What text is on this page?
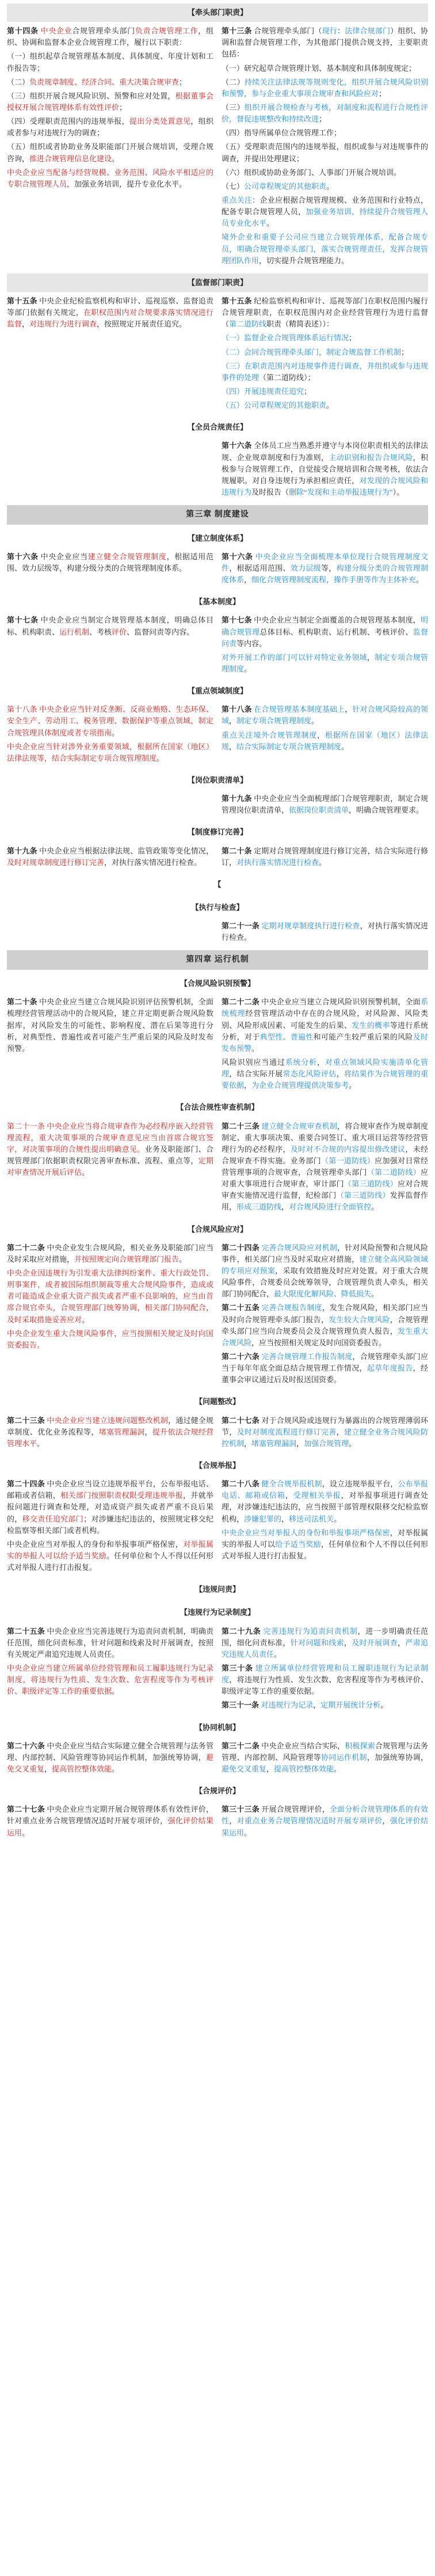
【牵头部门职责】

第十四条 中央企业合规管理牵头部门负责合规管理工作，组织、协调和监督本企业合规管理工作，履行以下职责：

（一）组织起草合规管理基本制度、具体制度、年度计划和工作报告等；

（二）负责规章制度、经济合同、重大决策合规审查；

（三）组织开展合规风险识别、预警和应对处置，根据董事会授权开展合规管理体系有效性评价；

（四）受理职责范围内的违规举报，提出分类处置意见，组织或者参与对违规行为的调查；

（五）组织或者协助业务及职能部门开展合规培训，受理合规咨询，推进合规管理信息化建设。

中央企业应当配备与经营规模、业务范围、风险水平相适应的专职合规管理人员，加强业务培训，提升专业化水平。

第十三条 合规管理牵头部门（现行：法律合规部门）组织、协调和监督合规管理工作，为其他部门提供合规支持，主要职责包括：

（一）研究起草合规管理计划、基本制度和具体制度规定；

（二）持续关注法律法规等规则变化，组织开展合规风险识别和预警，参与企业重大事项合规审查和风险应对；

（三）组织开展合规检查与考核，对制度和流程进行合规性评价，督促违规整改和持续改进；

（四）指导所属单位合规管理工作；

（五）受理职责范围内的违规举报，组织或参与对违规事件的调查，并提出处理建议；

（六）组织或协助业务部门、人事部门开展合规培训。

（七）公司章程规定的其他职责。

重点关注：企业应根据合规管理规模、业务范围和行业特点，配备专职合规管理人员，加强业务培训，持续提升合规管理人员专业化水平。

境外企业和重要子公司应当建立合规管理体系，配备合规专员，明确合规管理牵头部门，落实合规管理责任，发挥合规管理团队作用，切实提升合规管理能力。

【监督部门职责】

第十五条 中央企业纪检监察机构和审计、巡视巡察、监督追责等部门依据有关规定，在职权范围内对合规要求落实情况进行监督，对违规行为进行调查，按照规定开展责任追究。

第十五条 纪检监察机构和审计、巡视等部门在职权范围内履行合规管理职责，在职权范围内对企业经营管理行为进行监督（第二道防线职责（精简表述））：

（一）监督企业合规管理体系运行情况；

（二）会同合规管理牵头部门，制定合规监督工作机制；

（三）在职责范围内对违规事件进行调查，并组织或参与违规事件的处理（第二道防线）；

（四）开展违规责任追究；

（五）公司章程规定的其他职责。

【全员合规责任】

第十六条 全体员工应当熟悉并遵守与本岗位职责相关的法律法规、企业规章制度和行为准则，主动识别和报告合规风险，积极参与合规管理工作，自觉接受合规培训和合规考核，依法合规履职。对自身违规行为承担相应责任，对发现的合规风险和违规行为及时报告（删除“发现和主动举报违规行为”）。

第三章 制度建设
【建立制度体系】

第十六条 中央企业应当建立健全合规管理制度，根据适用范围、效力层级等，构建分级分类的合规管理制度体系。

第十六条 中央企业应当全面梳理本单位现行合规管理制度文件，根据适用范围、效力层级等，构建分级分类的合规管理制度体系，细化合规管理制度流程，操作手册等作为主体补充。

【基本制度】

第十七条 中央企业应当制定合规管理基本制度，明确总体目标、机构职责、运行机制、考核评价、监督问责等内容。

第十七条 中央企业应当制定全面覆盖的合规管理基本制度，明确合规管理总体目标、机构职责、运行机制、考核评价、监督问责等内容。

对外开展工作的部门可以针对特定业务领域，制定专项合规管理制度。

【重点领域制度】

第十八条 中央企业应当针对反垄断、反商业贿赂、生态环保、安全生产、劳动用工、税务管理、数据保护等重点领域，制定合规管理具体制度或者专项指南。

中央企业应当针对涉外业务重要领域，根据所在国家（地区）法律法规等，结合实际制定专项合规管理制度。

第十八条 在合规管理基本制度基础上，针对合规风险较高的领域，制定专项合规管理制度。

重点关注境外合规管理制度，根据所在国家（地区）法律法规，结合实际制定专项合规管理制度。

【岗位职责清单】

第十九条 中央企业应当全面梳理部门合规管理职责，制定合规管理岗位职责清单，依据岗位职责清单，明确合规管理要求。

【制度修订完善】

第十九条 中央企业应当根据法律法规、监管政策等变化情况，及时对规章制度进行修订完善，对执行落实情况进行检查。

第二十条 定期对合规管理制度进行修订完善，结合实际进行修订，对执行落实情况进行检查。

【
【执行与检查】

第二十一条 定期对规章制度执行进行检查，对执行落实情况进行检查。

第四章 运行机制
【合规风险识别预警】

第二十条 中央企业应当建立合规风险识别评估预警机制，全面梳理经营管理活动中的合规风险，建立并定期更新合规风险数据库，对风险发生的可能性、影响程度、潜在后果等进行分析，对典型性、普遍性或者可能产生严重后果的风险及时发布预警。

第二十二条 中央企业应当建立合规风险识别预警机制，全面系统梳理经营管理活动中存在的合规风险，对风险源、风险类别、风险形成因素、可能发生的后果、发生的概率等进行系统分析，对于典型性、普遍性和可能产生较严重后果的风险及时发布预警。

风险识别应当通过系统分析，对重点领域风险实施清单化管理，结合实际开展常态化风险评估，将结果作为合规管理的重要依据，为企业合规管理提供决策参考。

【合法合规性审查机制】

第二十一条 中央企业应当将合规审查作为必经程序嵌入经营管理流程，重大决策事项的合规审查意见应当由首席合规官签字，对决策事项的合规性提出明确意见。业务及职能部门、合规管理部门依据职责权限完善审查标准、流程、重点等，定期对审查情况开展后评估。

第二十三条 建立健全合规审查机制，将合规审查作为规章制度制定、重大事项决策、重要合同签订、重大项目运营等经营管理行为的必经程序，及时对不合规的内容提出修改建议，未经合规审查不得实施。业务部门（第一道防线）应加强对日常经营管理事项的合规审查，合规管理牵头部门（第二道防线）应对重大事项进行合规审查，审计部门（第三道防线）应对合规审查实施情况进行监督，纪检部门（第三道防线）发挥监督作用，形成三道防线，对合规风险进行全面管控。

【合规风险应对】

第二十二条 中央企业发生合规风险，相关业务及职能部门应当及时采取应对措施，并按照规定向合规管理部门报告。

中央企业因违规行为引发重大法律纠纷案件、重大行政处罚、刑事案件，或者被国际组织制裁等重大合规风险事件，造成或者可能造成企业重大资产损失或者严重不良影响的，应当由首席合规官牵头，合规管理部门统筹协调，相关部门协同配合，及时采取措施妥善应对。

中央企业发生重大合规风险事件，应当按照相关规定及时向国资委报告。

第二十四条 完善合规风险应对机制，针对风险预警和合规风险事件，相关部门应当及时采取应对措施，建立健全高风险领域的专项应对预案，采取有效措施及时应对处置。对于重大合规风险事件，合规委员会统筹领导，合规管理负责人牵头，相关部门协同配合，最大限度化解风险、降低损失。

第二十五条 完善合规报告制度，发生合规风险，相关部门应当及时向合规管理牵头部门报告，发生较大合规风险，合规管理牵头部门应当向合规委员会及合规管理负责人报告，发生重大合规风险，应当按照相关规定及时向国资委报告。

第二十六条 完善合规管理工作报告制度，合规管理牵头部门应当于每年年底全面总结合规管理工作情况，起草年度报告，经董事会审议通过后及时报送国资委。

【问题整改】

第二十三条 中央企业应当建立违规问题整改机制，通过健全规章制度、优化业务流程等，堵塞管理漏洞，提升依法合规经营管理水平。

第二十七条 对于合规风险或违规行为暴露出的合规管理薄弱环节，及时对制度流程进行修订完善，建立健全业务合规风险防控机制，堵塞管理漏洞，加强合规管理。

【合规举报】

第二十四条 中央企业应当设立违规举报平台，公布举报电话、邮箱或者信箱，相关部门按照职责权限受理违规举报，并就举报问题进行调查和处理，对造成资产损失或者严重不良后果的，移交责任追究部门；对涉嫌违纪违法的，按照规定移交纪检监察等相关部门或者机构。

中央企业应当对举报人的身份和举报事项严格保密，对举报属实的举报人可以给予适当奖励。任何单位和个人不得以任何形式对举报人进行打击报复。

第二十八条 健全合规举报机制，设立违规举报平台，公布举报电话、邮箱或信箱，受理相关举报，对举报事项进行调查处理，对涉嫌违纪违法的，应当按照干部管理权限移交纪检监察机构，涉嫌犯罪的，移送司法机关。

中央企业应当对举报人的身份和举报事项严格保密，对举报属实的举报人可以给予适当奖励，任何单位和个人不得以任何形式对举报人进行打击报复。

【违规问责】
【违规行为记录制度】

第二十五条 中央企业应当完善违规行为追责问责机制，明确责任范围，细化问责标准，针对问题和线索及时开展调查，按照有关规定严肃追究违规人员责任。

中央企业应当建立所属单位经营管理和员工履职违规行为记录制度，将违规行为性质、发生次数、危害程度等作为考核评价、职级评定等工作的重要依据。

第二十九条 完善违规行为追责问责机制，进一步明确责任范围，细化问责标准，针对问题和线索，及时开展调查，严肃追究违规人员责任。

第三十条 建立所属单位经营管理和员工履职违规行为记录制度，将违规行为性质、发生次数、危害程度等作为考核评价、职级评定等工作的重要依据。

第三十一条 对违规行为记录，定期开展统计分析。

【协同机制】

第二十六条 中央企业应当结合实际建立健全合规管理与法务管理、内部控制、风险管理等协同运作机制，加强统筹协调，避免交叉重复，提高管控整体效能。

第三十二条 中央企业应当结合实际，积极探索合规管理与法务管理、内部控制、风险管理等协同运作机制，加强统筹协调，避免交叉重复，提高管控整体效能。

【合规评价】

第二十七条 中央企业应当定期开展合规管理体系有效性评价，针对重点业务合规管理情况适时开展专项评价，强化评价结果运用。

第三十三条 开展合规管理评价，全面分析合规管理体系的有效性，对重点业务合规管理情况适时开展专项评价，强化评价结果运用。
